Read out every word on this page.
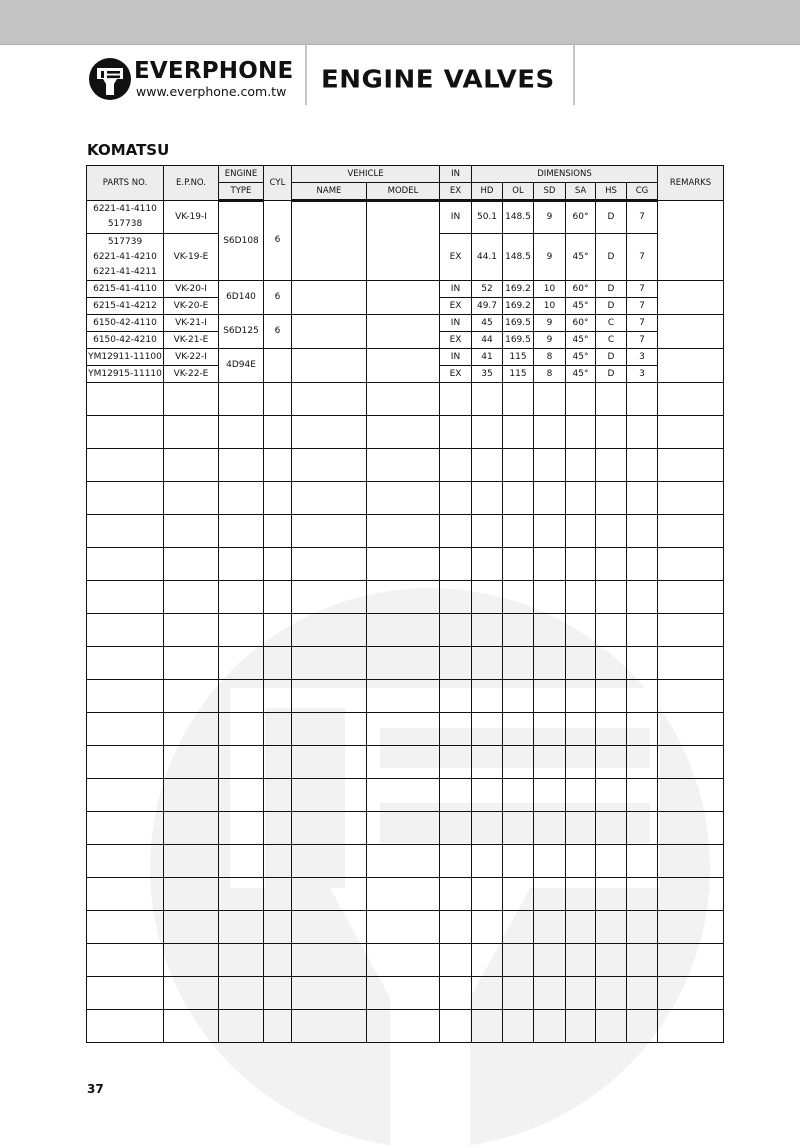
EVERPHONE
www.everphone.com.tw ENGINE VALVES
KOMATSU
PARTS NO.	E.P.NO.	ENGINE	CYL	VEHICLE		IN	DIMENSIONS						REMARKS
		TYPE		NAME	MODEL	EX	HD	OL	SD	SA	HS	CG	

6221-41-4110
517738	VK-19-I	S6D108	6			IN	50.1	148.5	9	60°	D	7	

517739
6221-41-4210
6221-41-4211	VK-19-E					EX	44.1	148.5	9	45°	D	7	

6215-41-4110	VK-20-I	6D140	6			IN	52	169.2	10	60°	D	7	

6215-41-4212	VK-20-E					EX	49.7	169.2	10	45°	D	7	

6150-42-4110	VK-21-I	S6D125	6			IN	45	169.5	9	60°	C	7	

6150-42-4210	VK-21-E					EX	44	169.5	9	45°	C	7	

YM12911-11100	VK-22-I	4D94E				IN	41	115	8	45°	D	3	

YM12915-11110	VK-22-E					EX	35	115	8	45°	D	3	

37
